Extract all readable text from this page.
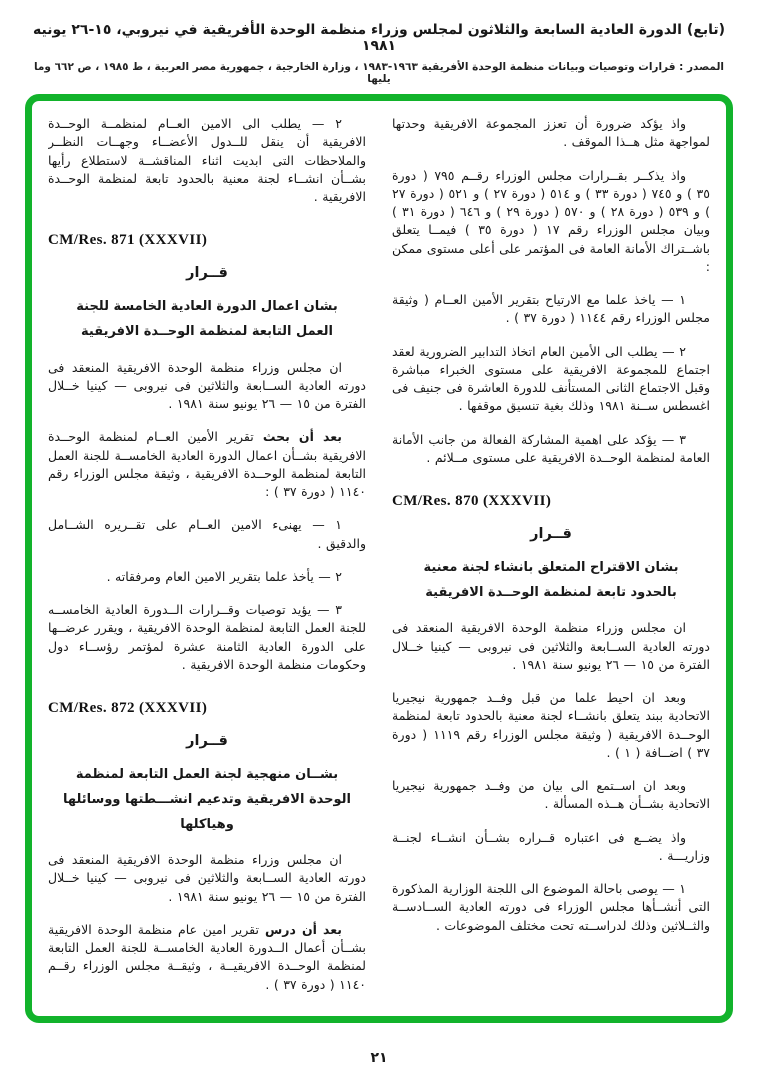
(تابع) الدورة العادية السابعة والثلاثون لمجلس وزراء منظمة الوحدة الأفريقية في نيروبي، ١٥-٢٦ يونيه ١٩٨١
المصدر : قرارات وتوصيات وبيانات منظمة الوحدة الأفريقية ١٩٦٣-١٩٨٣ ، وزارة الخارجية ، جمهورية مصر العربية ، ط ١٩٨٥ ، ص ٦٦٢ وما يليها

واذ يؤكد ضرورة أن تعزز المجموعة الافريقية وحدتها لمواجهة مثل هــذا الموقف .

واذ يذكــر بقــرارات مجلس الوزراء رقــم ٧٩٥ ( دورة ٣٥ ) و ٧٤٥ ( دورة ٣٣ ) و ٥١٤ ( دورة ٢٧ ) و ٥٢١ ( دورة ٢٧ ) و ٥٣٩ ( دورة ٢٨ ) و ٥٧٠ ( دورة ٢٩ ) و ٦٤٦ ( دورة ٣١ ) وبيان مجلس الوزراء رقم ١٧ ( دورة ٣٥ ) فيمــا يتعلق باشــتراك الأمانة العامة فى المؤتمر على أعلى مستوى ممكن :

١ — ياخذ علما مع الارتياح بتقرير الأمين العــام ( وثيقة مجلس الوزراء رقم ١١٤٤ ( دورة ٣٧ ) .

٢ — يطلب الى الأمين العام اتخاذ التدابير الضرورية لعقد اجتماع للمجموعة الافريقية على مستوى الخبراء مباشرة وقبل الاجتماع الثانى المستأنف للدورة العاشرة فى جنيف فى اغسطس ســنة ١٩٨١ وذلك بغية تنسيق موقفها .

٣ — يؤكد على اهمية المشاركة الفعالة من جانب الأمانة العامة لمنظمة الوحــدة الافريقية على مستوى مــلائم .

CM/Res. 870 (XXXVII)
قــرار
بشان الاقتراح المتعلق بانشاء لجنة معنية بالحدود تابعة لمنظمة الوحــدة الافريقية

ان مجلس وزراء منظمة الوحدة الافريقية المنعقد فى دورته العادية الســابعة والثلاثين فى نيروبى — كينيا خــلال الفترة من ١٥ — ٢٦ يونيو سنة ١٩٨١ .

وبعد ان احيط علما من قبل وفــد جمهورية نيجيريا الاتحادية ببند يتعلق بانشــاء لجنة معنية بالحدود تابعة لمنظمة الوحــدة الافريقية ( وثيقة مجلس الوزراء رقم ١١١٩ ( دورة ٣٧ ) اضــافة ( ١ ) .

وبعد ان اســتمع الى بيان من وفــد جمهورية نيجيريا الاتحادية بشــأن هــذه المسألة .

واذ يضــع فى اعتباره قــراره بشــأن انشــاء لجنــة وزاريـــة .

١ — يوصى باحالة الموضوع الى اللجنة الوزارية المذكورة التى أنشــأها مجلس الوزراء فى دورته العادية الســادســة والثــلاثين وذلك لدراســته تحت مختلف الموضوعات .

٢ — يطلب الى الامين العــام لمنظمــة الوحــدة الافريقية أن ينقل للــدول الأعضــاء وجهــات النظــر والملاحظات التى ابديت اثناء المناقشــة لاستطلاع رأيها بشــأن انشــاء لجنة معنية بالحدود تابعة لمنظمة الوحــدة الافريقية .

CM/Res. 871 (XXXVII)
قــرار
بشان اعمال الدورة العادية الخامسة للجنة العمل التابعة لمنظمة الوحــدة الافريقية

ان مجلس وزراء منظمة الوحدة الافريقية المنعقد فى دورته العادية الســابعة والثلاثين فى نيروبى — كينيا خــلال الفترة من ١٥ — ٢٦ يونيو سنة ١٩٨١ .

بعد أن بحث تقرير الأمين العــام لمنظمة الوحــدة الافريقية بشــأن اعمال الدورة العادية الخامســة للجنة العمل التابعة لمنظمة الوحــدة الافريقية ، وثيقة مجلس الوزراء رقم ١١٤٠ ( دورة ٣٧ ) :

١ — يهنىء الامين العــام على تقــريره الشــامل والدقيق .

٢ — يأخذ علما بتقرير الامين العام ومرفقاته .

٣ — يؤيد توصيات وقــرارات الــدورة العادية الخامســه للجنة العمل التابعة لمنظمة الوحدة الافريقية ، ويقرر عرضــها على الدورة العادية الثامنة عشرة لمؤتمر رؤســاء دول وحكومات منظمة الوحدة الافريقية .

CM/Res. 872 (XXXVII)
قــرار
بشــان منهجية لجنة العمل التابعة لمنظمة الوحدة الافريقية وتدعيم انشـــطتها ووسائلها وهياكلها

ان مجلس وزراء منظمة الوحدة الافريقية المنعقد فى دورته العادية الســابعة والثلاثين فى نيروبى — كينيا خــلال الفترة من ١٥ — ٢٦ يونيو سنة ١٩٨١ .

بعد أن درس تقرير امين عام منظمة الوحدة الافريقية بشــأن أعمال الــدورة العادية الخامســة للجنة العمل التابعة لمنظمة الوحــدة الافريقيــة ، وثيقــة مجلس الوزراء رقــم ١١٤٠ ( دورة ٣٧ ) .

٢١
